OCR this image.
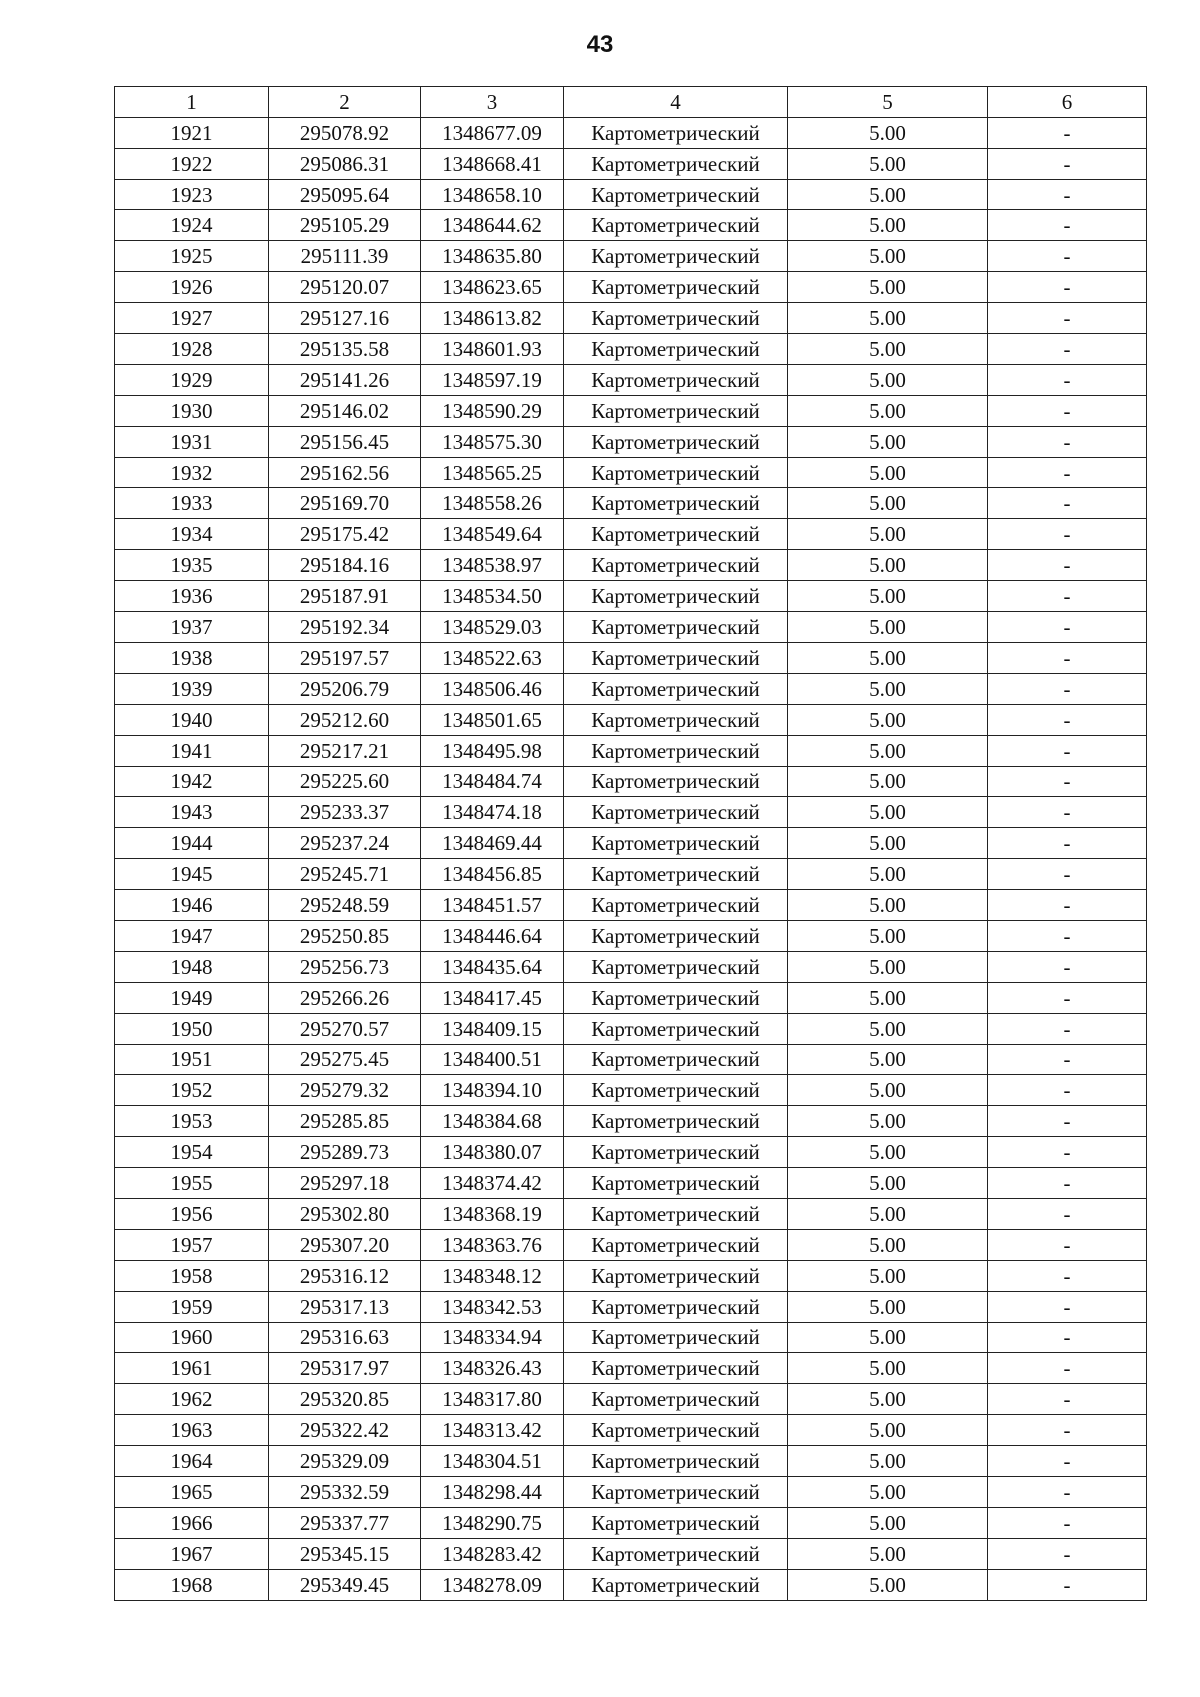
43
1	2	3	4	5	6
1921	295078.92	1348677.09	Картометрический	5.00	-
1922	295086.31	1348668.41	Картометрический	5.00	-
1923	295095.64	1348658.10	Картометрический	5.00	-
1924	295105.29	1348644.62	Картометрический	5.00	-
1925	295111.39	1348635.80	Картометрический	5.00	-
1926	295120.07	1348623.65	Картометрический	5.00	-
1927	295127.16	1348613.82	Картометрический	5.00	-
1928	295135.58	1348601.93	Картометрический	5.00	-
1929	295141.26	1348597.19	Картометрический	5.00	-
1930	295146.02	1348590.29	Картометрический	5.00	-
1931	295156.45	1348575.30	Картометрический	5.00	-
1932	295162.56	1348565.25	Картометрический	5.00	-
1933	295169.70	1348558.26	Картометрический	5.00	-
1934	295175.42	1348549.64	Картометрический	5.00	-
1935	295184.16	1348538.97	Картометрический	5.00	-
1936	295187.91	1348534.50	Картометрический	5.00	-
1937	295192.34	1348529.03	Картометрический	5.00	-
1938	295197.57	1348522.63	Картометрический	5.00	-
1939	295206.79	1348506.46	Картометрический	5.00	-
1940	295212.60	1348501.65	Картометрический	5.00	-
1941	295217.21	1348495.98	Картометрический	5.00	-
1942	295225.60	1348484.74	Картометрический	5.00	-
1943	295233.37	1348474.18	Картометрический	5.00	-
1944	295237.24	1348469.44	Картометрический	5.00	-
1945	295245.71	1348456.85	Картометрический	5.00	-
1946	295248.59	1348451.57	Картометрический	5.00	-
1947	295250.85	1348446.64	Картометрический	5.00	-
1948	295256.73	1348435.64	Картометрический	5.00	-
1949	295266.26	1348417.45	Картометрический	5.00	-
1950	295270.57	1348409.15	Картометрический	5.00	-
1951	295275.45	1348400.51	Картометрический	5.00	-
1952	295279.32	1348394.10	Картометрический	5.00	-
1953	295285.85	1348384.68	Картометрический	5.00	-
1954	295289.73	1348380.07	Картометрический	5.00	-
1955	295297.18	1348374.42	Картометрический	5.00	-
1956	295302.80	1348368.19	Картометрический	5.00	-
1957	295307.20	1348363.76	Картометрический	5.00	-
1958	295316.12	1348348.12	Картометрический	5.00	-
1959	295317.13	1348342.53	Картометрический	5.00	-
1960	295316.63	1348334.94	Картометрический	5.00	-
1961	295317.97	1348326.43	Картометрический	5.00	-
1962	295320.85	1348317.80	Картометрический	5.00	-
1963	295322.42	1348313.42	Картометрический	5.00	-
1964	295329.09	1348304.51	Картометрический	5.00	-
1965	295332.59	1348298.44	Картометрический	5.00	-
1966	295337.77	1348290.75	Картометрический	5.00	-
1967	295345.15	1348283.42	Картометрический	5.00	-
1968	295349.45	1348278.09	Картометрический	5.00	-
